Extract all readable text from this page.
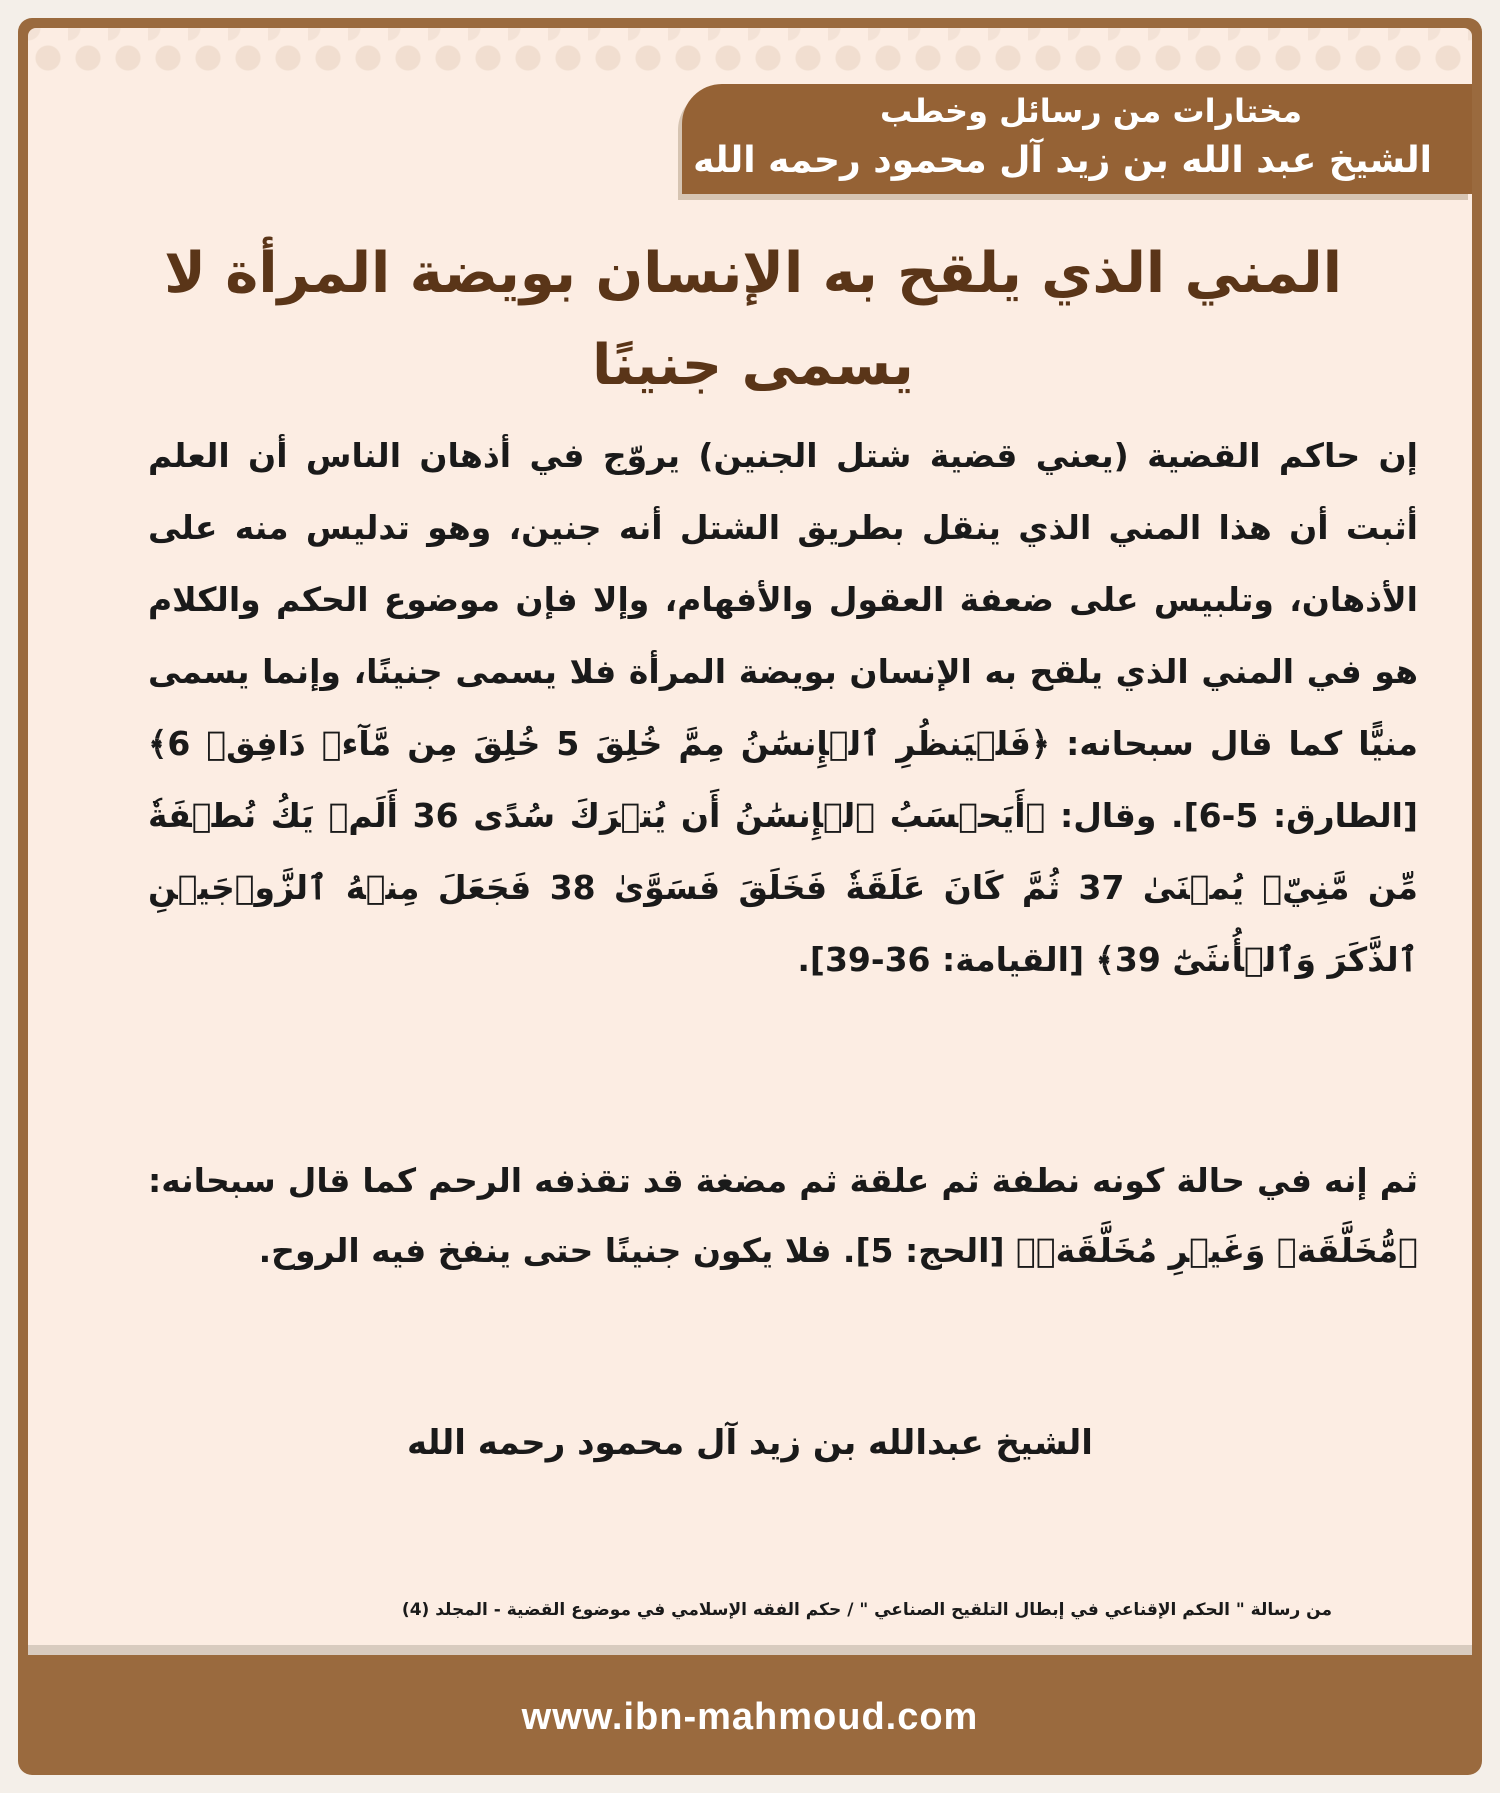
مختارات من رسائل وخطب
الشيخ عبد الله بن زيد آل محمود رحمه الله
المني الذي يلقح به الإنسان بويضة المرأة لا يسمى جنينًا
إن حاكم القضية (يعني قضية شتل الجنين) يروّج في أذهان الناس أن العلم أثبت أن هذا المني الذي ينقل بطريق الشتل أنه جنين، وهو تدليس منه على الأذهان، وتلبيس على ضعفة العقول والأفهام، وإلا فإن موضوع الحكم والكلام هو في المني الذي يلقح به الإنسان بويضة المرأة فلا يسمى جنينًا، وإنما يسمى منيًّا كما قال سبحانه: ﴿فَلۡيَنظُرِ ٱلۡإِنسَٰنُ مِمَّ خُلِقَ 5 خُلِقَ مِن مَّآءٖ دَافِقٖ 6﴾ [الطارق: 5-6]. وقال: ﴿أَيَحۡسَبُ ٱلۡإِنسَٰنُ أَن يُتۡرَكَ سُدًى 36 أَلَمۡ يَكُ نُطۡفَةٗ مِّن مَّنِيّٖ يُمۡنَىٰ 37 ثُمَّ كَانَ عَلَقَةٗ فَخَلَقَ فَسَوَّىٰ 38 فَجَعَلَ مِنۡهُ ٱلزَّوۡجَيۡنِ ٱلذَّكَرَ وَٱلۡأُنثَىٰٓ 39﴾ [القيامة: 36-39].
ثم إنه في حالة كونه نطفة ثم علقة ثم مضغة قد تقذفه الرحم كما قال سبحانه: ﴿مُّخَلَّقَةٖ وَغَيۡرِ مُخَلَّقَةٖ﴾ [الحج: 5]. فلا يكون جنينًا حتى ينفخ فيه الروح.
الشيخ عبدالله بن زيد آل محمود رحمه الله
من رسالة " الحكم الإقناعي في إبطال التلقيح الصناعي " / حكم الفقه الإسلامي في موضوع القضية - المجلد (4)
www.ibn-mahmoud.com
